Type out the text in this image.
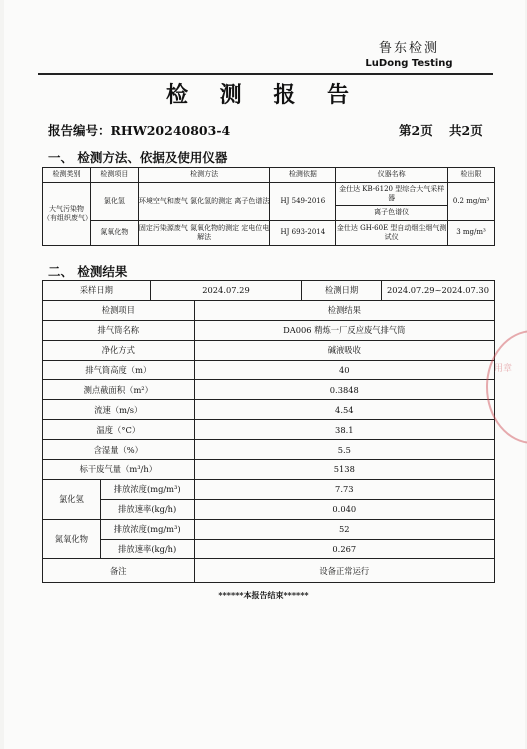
鲁东检测
LuDong Testing
检 测 报 告
报告编号：RHW20240803-4	第2页 共2页
一、 检测方法、依据及使用仪器
检测类别	检测项目	检测方法	检测依据	仪器名称	检出限
大气污染物（有组织废气）	氯化氢	环境空气和废气 氯化氢的测定 离子色谱法	HJ 549-2016	金仕达 KB-6120 型综合大气采样器	0.2 mg/m³
				离子色谱仪	
	氮氧化物	固定污染源废气 氮氧化物的测定 定电位电解法	HJ 693-2014	金仕达 GH-60E 型自动烟尘烟气测试仪	3 mg/m³
二、 检测结果
采样日期		2024.07.29		检测日期	2024.07.29~2024.07.30
检测项目			检测结果		
排气筒名称			DA006 精炼一厂反应废气排气筒		
净化方式			碱液吸收		
排气筒高度（m）			40		
测点截面积（m²）			0.3848		
流速（m/s）			4.54		
温度（°C）			38.1		
含湿量（%）			5.5		
标干废气量（m³/h）			5138		
氯化氢	排放浓度(mg/m³)		7.73		
	排放速率(kg/h)		0.040		
氮氧化物	排放浓度(mg/m³)		52		
	排放速率(kg/h)		0.267		
备注			设备正常运行		
******本报告结束******
用章
